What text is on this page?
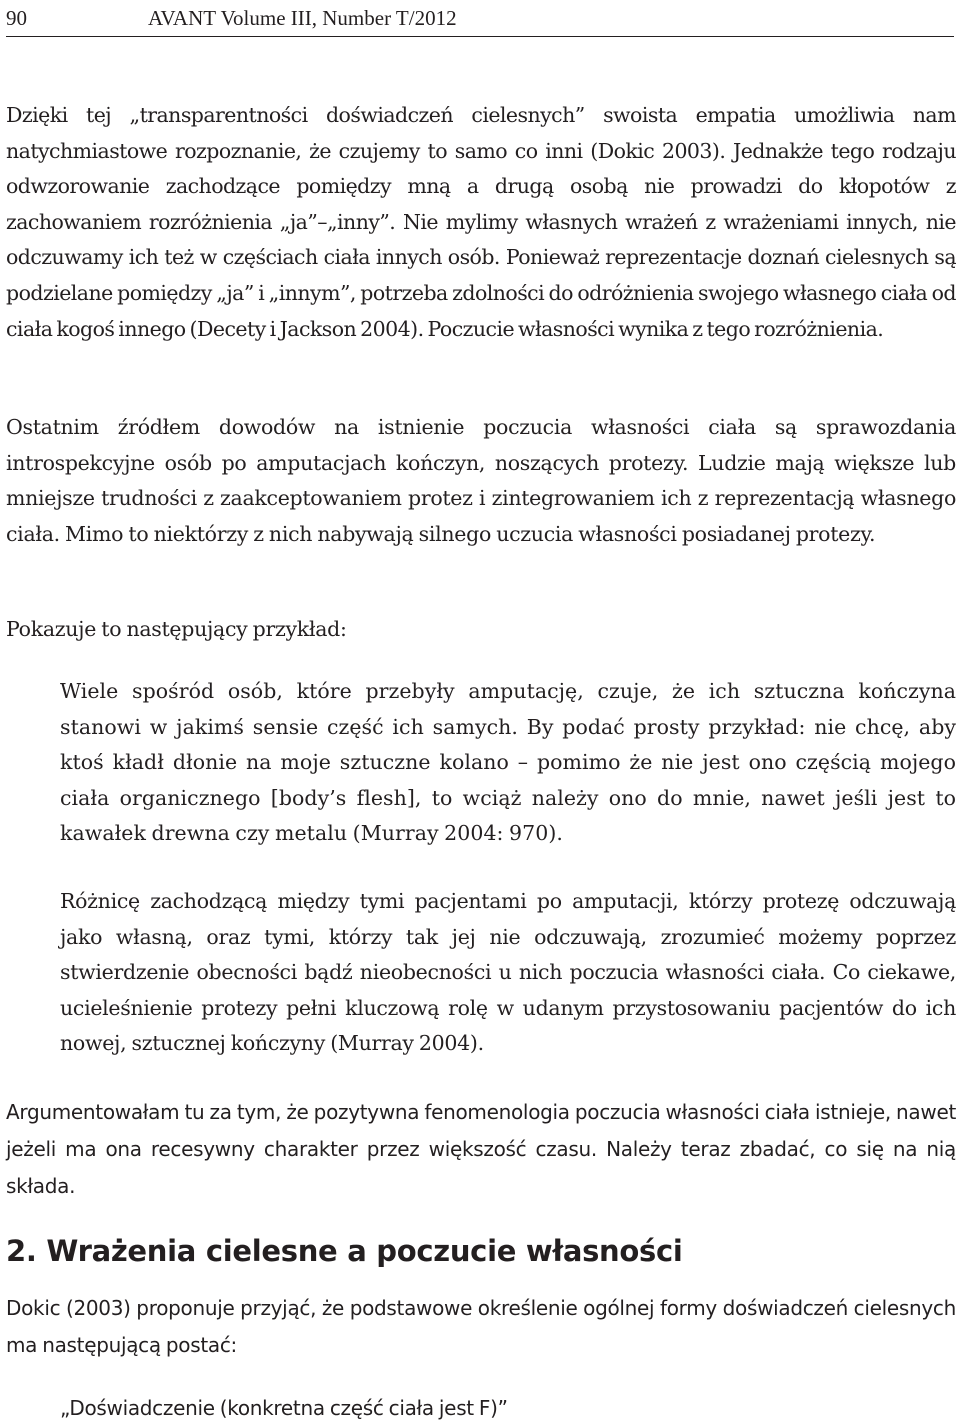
90	AVANT Volume III, Number T/2012
Dzięki tej „transparentności doświadczeń cielesnych” swoista empatia umożliwia nam natychmiastowe rozpoznanie, że czujemy to samo co inni (Dokic 2003). Jednakże tego rodzaju odwzorowanie zachodzące pomiędzy mną a drugą osobą nie prowadzi do kłopotów z zachowaniem rozróżnienia „ja”–„inny”. Nie mylimy własnych wrażeń z wrażeniami innych, nie odczuwamy ich też w częściach ciała innych osób. Ponieważ reprezentacje doznań cielesnych są podzielane pomiędzy „ja” i „innym”, potrzeba zdolności do odróżnienia swojego własnego ciała od ciała kogoś innego (Decety i Jackson 2004). Poczucie własności wynika z tego rozróżnienia.
Ostatnim źródłem dowodów na istnienie poczucia własności ciała są sprawozdania introspekcyjne osób po amputacjach kończyn, noszących protezy. Ludzie mają większe lub mniejsze trudności z zaakceptowaniem protez i zintegrowaniem ich z reprezentacją własnego ciała. Mimo to niektórzy z nich nabywają silnego uczucia własności posiadanej protezy.
Pokazuje to następujący przykład:
Wiele spośród osób, które przebyły amputację, czuje, że ich sztuczna kończyna stanowi w jakimś sensie część ich samych. By podać prosty przykład: nie chcę, aby ktoś kładł dłonie na moje sztuczne kolano – pomimo że nie jest ono częścią mojego ciała organicznego [body’s flesh], to wciąż należy ono do mnie, nawet jeśli jest to kawałek drewna czy metalu (Murray 2004: 970).
Różnicę zachodzącą między tymi pacjentami po amputacji, którzy protezę odczuwają jako własną, oraz tymi, którzy tak jej nie odczuwają, zrozumieć możemy poprzez stwierdzenie obecności bądź nieobecności u nich poczucia własności ciała. Co ciekawe, ucieleśnienie protezy pełni kluczową rolę w udanym przystosowaniu pacjentów do ich nowej, sztucznej kończyny (Murray 2004).
Argumentowałam tu za tym, że pozytywna fenomenologia poczucia własności ciała istnieje, nawet jeżeli ma ona recesywny charakter przez większość czasu. Należy teraz zbadać, co się na nią składa.
2. Wrażenia cielesne a poczucie własności
Dokic (2003) proponuje przyjąć, że podstawowe określenie ogólnej formy doświadczeń cielesnych ma następującą postać:
„Doświadczenie (konkretna część ciała jest F)”
